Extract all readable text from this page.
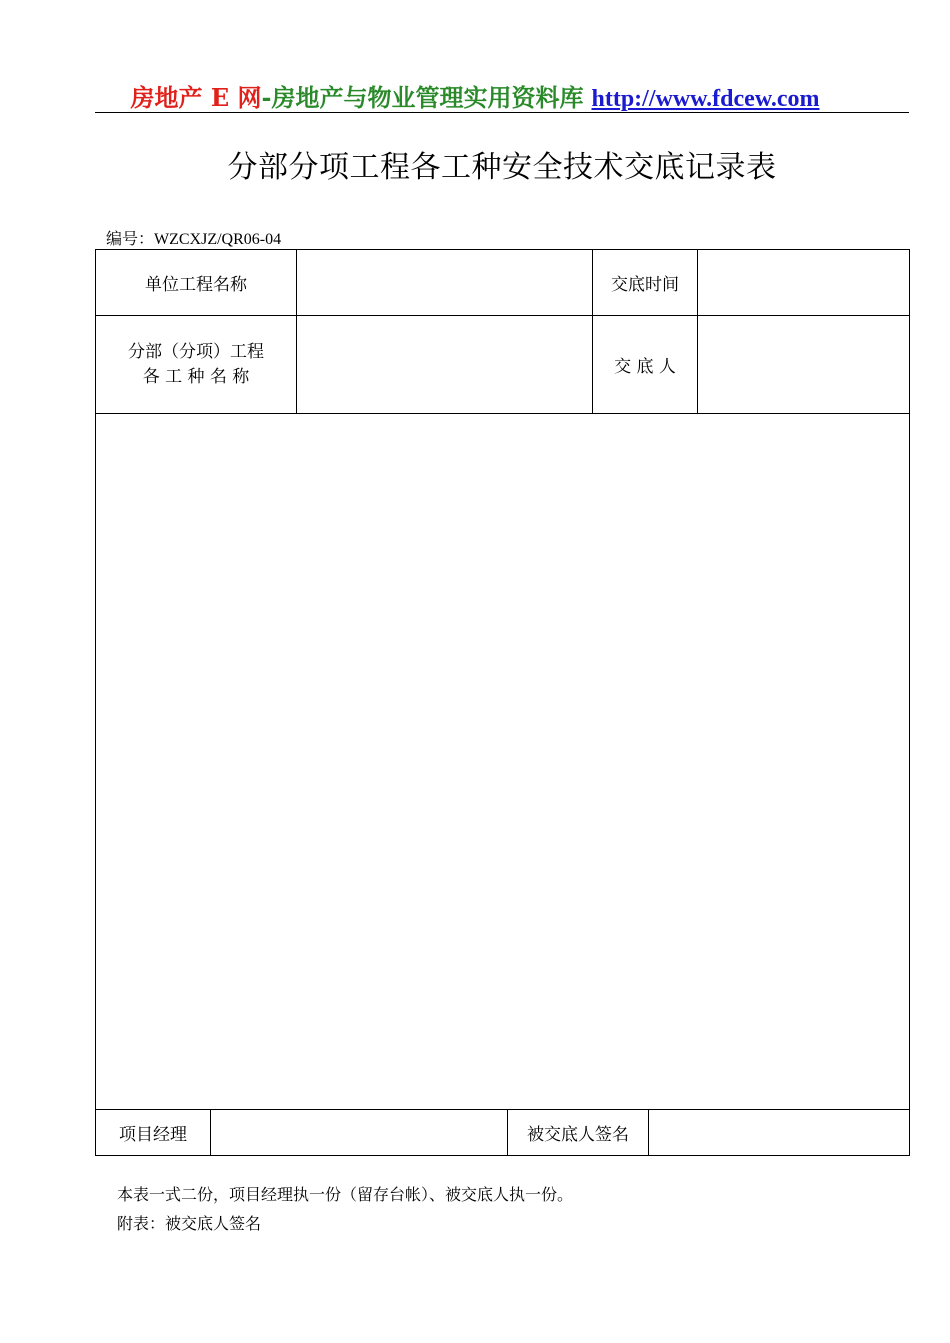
房地产 E 网-房地产与物业管理实用资料库 http://www.fdcew.com
分部分项工程各工种安全技术交底记录表
编号：WZCXJZ/QR06-04
单位工程名称		交底时间	

分部（分项）工程
各 工 种 名 称		交 底 人	

项目经理		被交底人签名	
本表一式二份，项目经理执一份（留存台帐）、被交底人执一份。
附表：被交底人签名
